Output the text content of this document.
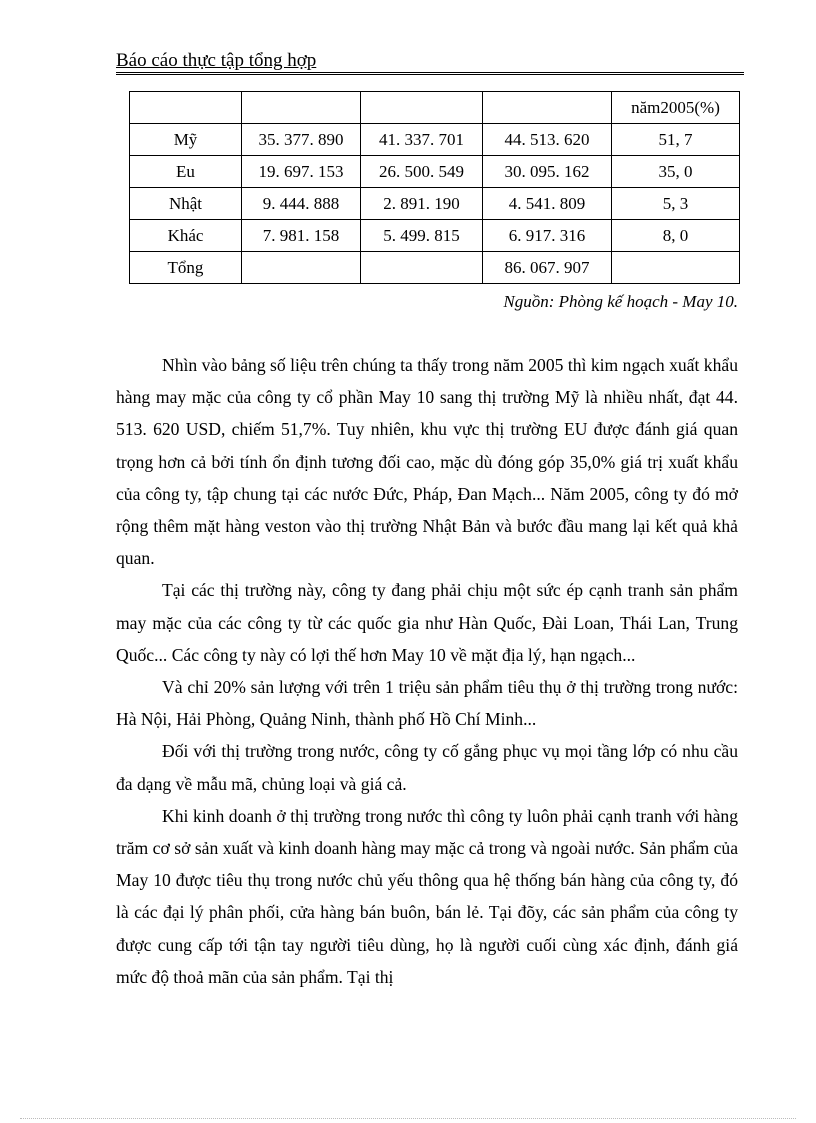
Báo cáo thực tập tổng hợp
				năm2005(%)
Mỹ	35. 377. 890	41. 337. 701	44. 513. 620	51, 7
Eu	19. 697. 153	26. 500. 549	30. 095. 162	35, 0
Nhật	9. 444. 888	2. 891. 190	4. 541. 809	5, 3
Khác	7. 981. 158	5. 499. 815	6. 917. 316	8, 0
Tổng			86. 067. 907	
Nguồn: Phòng kế hoạch - May 10.

Nhìn vào bảng số liệu trên chúng ta thấy trong năm 2005 thì kim ngạch xuất khẩu hàng may mặc của công ty cổ phần May 10 sang thị trường Mỹ là nhiều nhất, đạt 44. 513. 620 USD, chiếm 51,7%. Tuy nhiên, khu vực thị trường EU được đánh giá quan trọng hơn cả bởi tính ổn định tương đối cao, mặc dù đóng góp 35,0% giá trị xuất khẩu của công ty, tập chung tại các nước Đức, Pháp, Đan Mạch... Năm 2005, công ty đó mở rộng thêm mặt hàng veston vào thị trường Nhật Bản và bước đầu mang lại kết quả khả quan.

Tại các thị trường này, công ty đang phải chịu một sức ép cạnh tranh sản phẩm may mặc của các công ty từ các quốc gia như Hàn Quốc, Đài Loan, Thái Lan, Trung Quốc... Các công ty này có lợi thế hơn May 10 về mặt địa lý, hạn ngạch...

Và chỉ 20% sản lượng với trên 1 triệu sản phẩm tiêu thụ ở thị trường trong nước: Hà Nội, Hải Phòng, Quảng Ninh, thành phố Hồ Chí Minh...

Đối với thị trường trong nước, công ty cố gắng phục vụ mọi tầng lớp có nhu cầu đa dạng về mẫu mã, chủng loại và giá cả.

Khi kinh doanh ở thị trường trong nước thì công ty luôn phải cạnh tranh với hàng trăm cơ sở sản xuất và kinh doanh hàng may mặc cả trong và ngoài nước. Sản phẩm của May 10 được tiêu thụ trong nước chủ yếu thông qua hệ thống bán hàng của công ty, đó là các đại lý phân phối, cửa hàng bán buôn, bán lẻ. Tại đõy, các sản phẩm của công ty được cung cấp tới tận tay người tiêu dùng, họ là người cuối cùng xác định, đánh giá mức độ thoả mãn của sản phẩm. Tại thị
